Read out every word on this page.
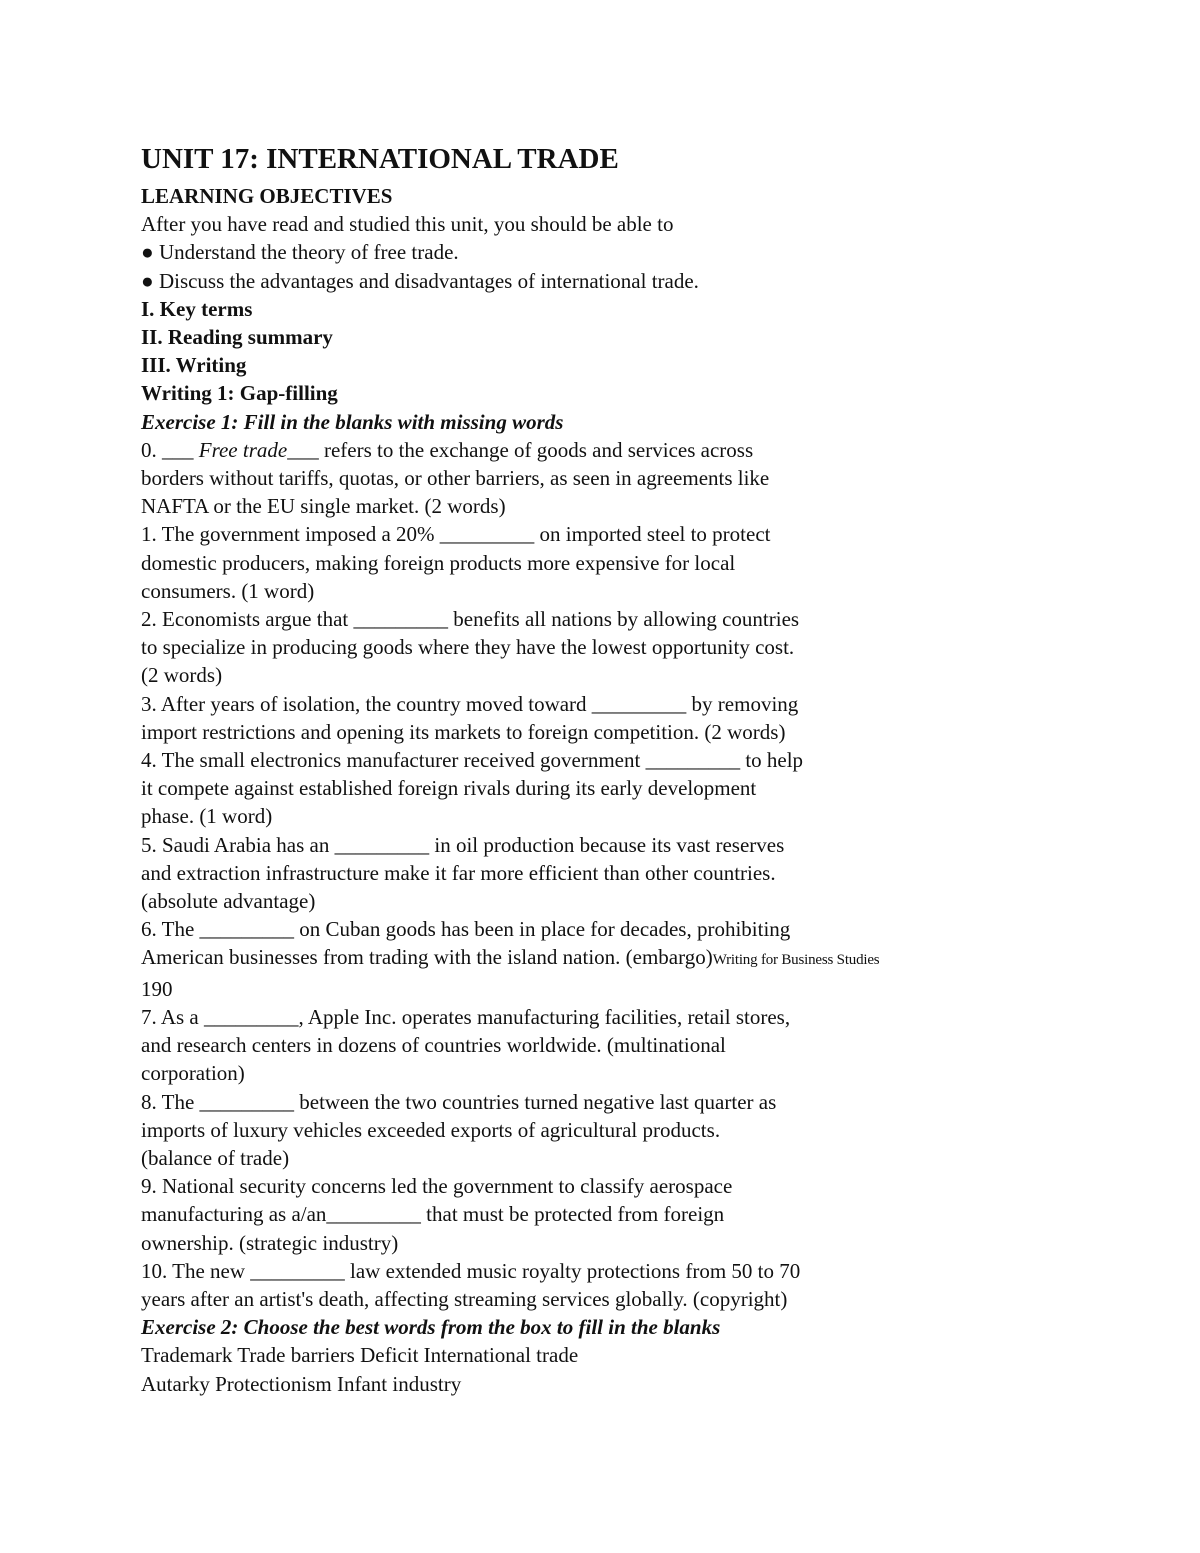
UNIT 17: INTERNATIONAL TRADE
LEARNING OBJECTIVES
After you have read and studied this unit, you should be able to
● Understand the theory of free trade.
● Discuss the advantages and disadvantages of international trade.
I. Key terms
II. Reading summary
III. Writing
Writing 1: Gap-filling
Exercise 1: Fill in the blanks with missing words
0. ___ Free trade___ refers to the exchange of goods and services across
borders without tariffs, quotas, or other barriers, as seen in agreements like
NAFTA or the EU single market. (2 words)
1. The government imposed a 20% _________ on imported steel to protect
domestic producers, making foreign products more expensive for local
consumers. (1 word)
2. Economists argue that _________ benefits all nations by allowing countries
to specialize in producing goods where they have the lowest opportunity cost.
(2 words)
3. After years of isolation, the country moved toward _________ by removing
import restrictions and opening its markets to foreign competition. (2 words)
4. The small electronics manufacturer received government _________ to help
it compete against established foreign rivals during its early development
phase. (1 word)
5. Saudi Arabia has an _________ in oil production because its vast reserves
and extraction infrastructure make it far more efficient than other countries.
(absolute advantage)
6. The _________ on Cuban goods has been in place for decades, prohibiting
American businesses from trading with the island nation. (embargo)Writing for Business Studies
190
7. As a _________, Apple Inc. operates manufacturing facilities, retail stores,
and research centers in dozens of countries worldwide. (multinational
corporation)
8. The _________ between the two countries turned negative last quarter as
imports of luxury vehicles exceeded exports of agricultural products.
(balance of trade)
9. National security concerns led the government to classify aerospace
manufacturing as a/an_________ that must be protected from foreign
ownership. (strategic industry)
10. The new _________ law extended music royalty protections from 50 to 70
years after an artist's death, affecting streaming services globally. (copyright)
Exercise 2: Choose the best words from the box to fill in the blanks
Trademark Trade barriers Deficit International trade
Autarky Protectionism Infant industry
